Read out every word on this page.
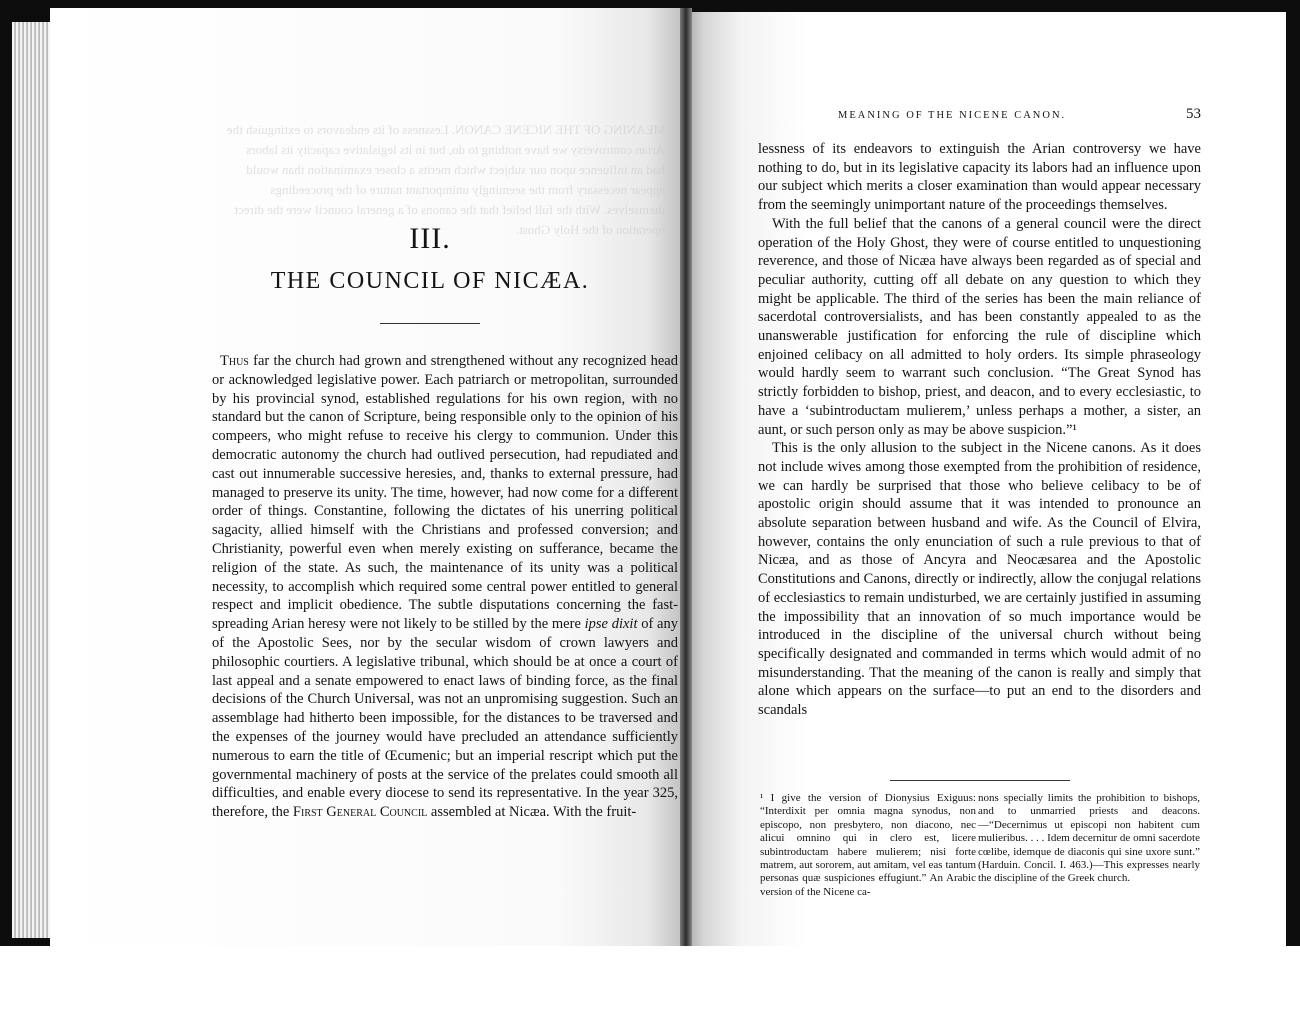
MEANING OF THE NICENE CANON. Lessness of its endeavors to extinguish the Arian controversy we have nothing to do, but in its legislative capacity its labors had an influence upon our subject which merits a closer examination than would appear necessary from the seemingly unimportant nature of the proceedings themselves. With the full belief that the canons of a general council were the direct operation of the Holy Ghost.
III.
THE COUNCIL OF NICÆA.
Thus far the church had grown and strengthened without any recognized head or acknowledged legislative power. Each patriarch or metropolitan, surrounded by his provincial synod, established regulations for his own region, with no standard but the canon of Scripture, being responsible only to the opinion of his compeers, who might refuse to receive his clergy to communion. Under this democratic autonomy the church had outlived persecution, had repudiated and cast out innumerable successive heresies, and, thanks to external pressure, had managed to preserve its unity. The time, however, had now come for a different order of things. Constantine, following the dictates of his unerring political sagacity, allied himself with the Christians and professed conversion; and Christianity, powerful even when merely existing on sufferance, became the religion of the state. As such, the maintenance of its unity was a political necessity, to accomplish which required some central power entitled to general respect and implicit obedience. The subtle disputations concerning the fast-spreading Arian heresy were not likely to be stilled by the mere ipse dixit of any of the Apostolic Sees, nor by the secular wisdom of crown lawyers and philosophic courtiers. A legislative tribunal, which should be at once a court of last appeal and a senate empowered to enact laws of binding force, as the final decisions of the Church Universal, was not an unpromising suggestion. Such an assemblage had hitherto been impossible, for the distances to be traversed and the expenses of the journey would have precluded an attendance sufficiently numerous to earn the title of Œcumenic; but an imperial rescript which put the governmental machinery of posts at the service of the prelates could smooth all difficulties, and enable every diocese to send its representative. In the year 325, therefore, the First General Council assembled at Nicæa. With the fruit-
MEANING OF THE NICENE CANON.	53

lessness of its endeavors to extinguish the Arian controversy we have nothing to do, but in its legislative capacity its labors had an influence upon our subject which merits a closer examination than would appear necessary from the seemingly unimportant nature of the proceedings themselves.

With the full belief that the canons of a general council were the direct operation of the Holy Ghost, they were of course entitled to unquestioning reverence, and those of Nicæa have always been regarded as of special and peculiar authority, cutting off all debate on any question to which they might be applicable. The third of the series has been the main reliance of sacerdotal controversialists, and has been constantly appealed to as the unanswerable justification for enforcing the rule of discipline which enjoined celibacy on all admitted to holy orders. Its simple phraseology would hardly seem to warrant such conclusion. “The Great Synod has strictly forbidden to bishop, priest, and deacon, and to every ecclesiastic, to have a ‘subintroductam mulierem,’ unless perhaps a mother, a sister, an aunt, or such person only as may be above suspicion.”¹

This is the only allusion to the subject in the Nicene canons. As it does not include wives among those exempted from the prohibition of residence, we can hardly be surprised that those who believe celibacy to be of apostolic origin should assume that it was intended to pronounce an absolute separation between husband and wife. As the Council of Elvira, however, contains the only enunciation of such a rule previous to that of Nicæa, and as those of Ancyra and Neocæsarea and the Apostolic Constitutions and Canons, directly or indirectly, allow the conjugal relations of ecclesiastics to remain undisturbed, we are certainly justified in assuming the impossibility that an innovation of so much importance would be introduced in the discipline of the universal church without being specifically designated and commanded in terms which would admit of no misunderstanding. That the meaning of the canon is really and simply that alone which appears on the surface—to put an end to the disorders and scandals

¹ I give the version of Dionysius Exiguus: “Interdixit per omnia magna synodus, non episcopo, non presbytero, non diacono, nec alicui omnino qui in clero est, licere subintroductam habere mulierem; nisi forte matrem, aut sororem, aut amitam, vel eas tantum personas quæ suspiciones effugiunt.” An Arabic version of the Nicene ca-
nons specially limits the prohibition to bishops, and to unmarried priests and deacons.—“Decernimus ut episcopi non habitent cum mulieribus. . . . Idem decernitur de omni sacerdote cœlibe, idemque de diaconis qui sine uxore sunt.” (Harduin. Concil. I. 463.)—This expresses nearly the discipline of the Greek church.
